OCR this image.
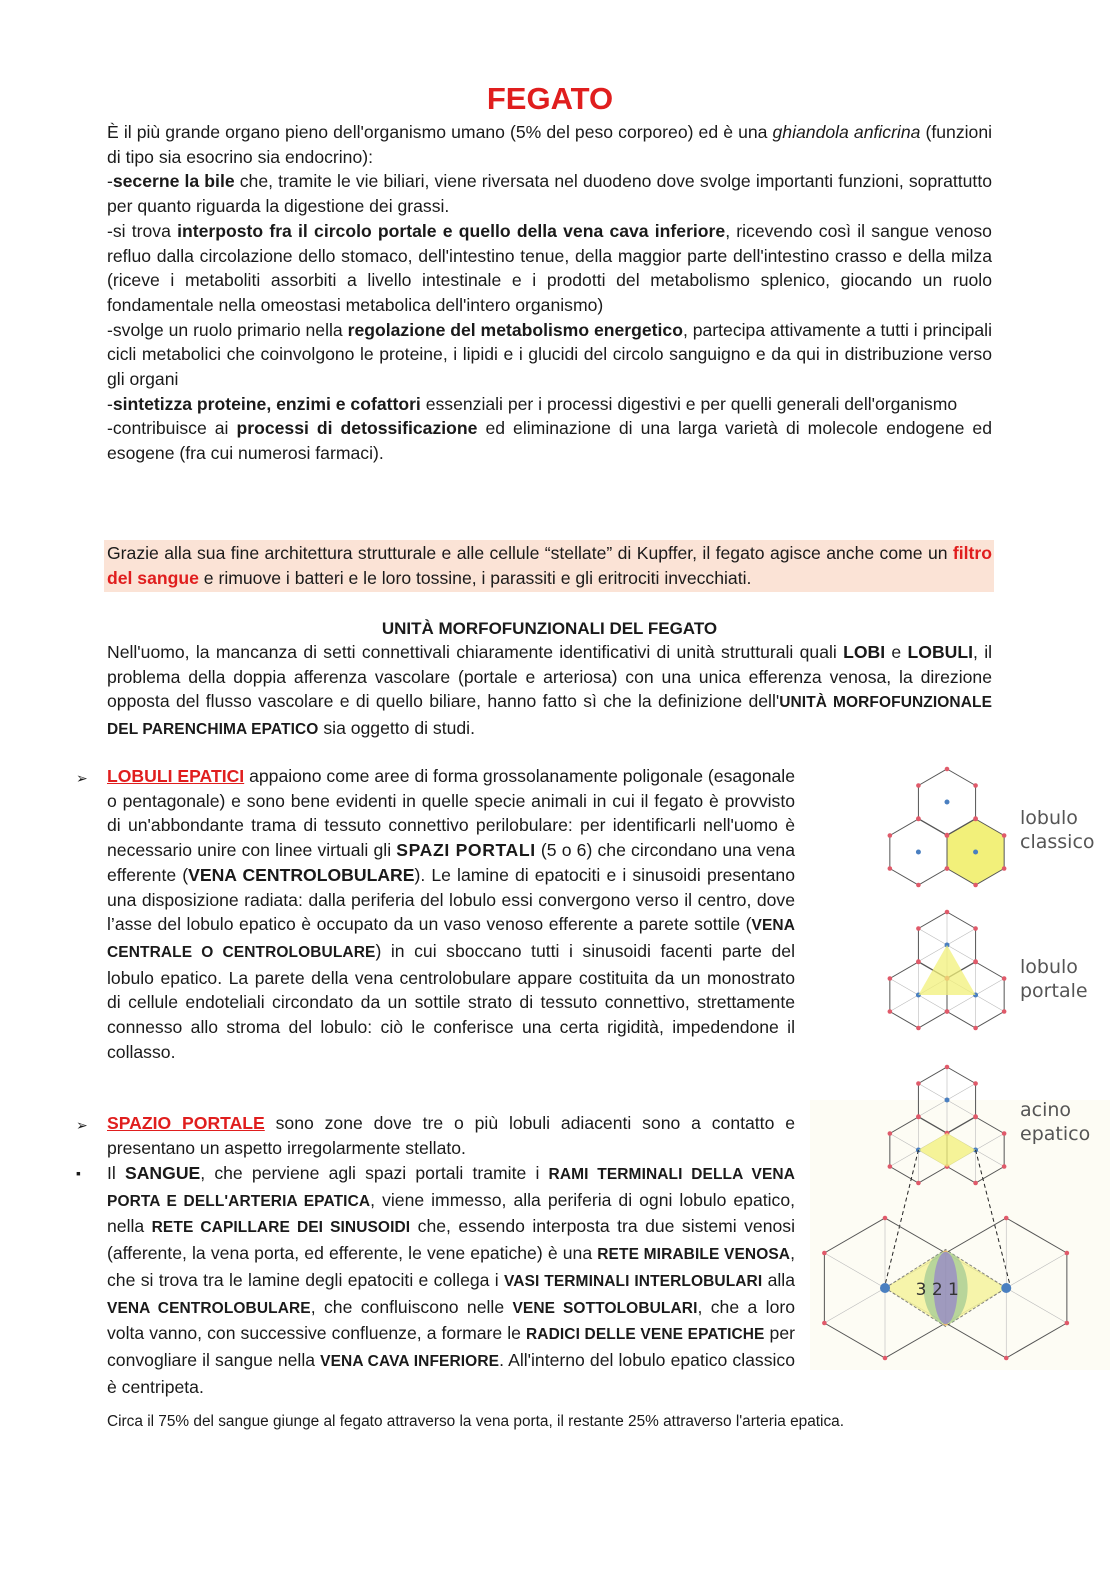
FEGATO

È il più grande organo pieno dell'organismo umano (5% del peso corporeo) ed è una ghiandola anficrina (funzioni di tipo sia esocrino sia endocrino):

-secerne la bile che, tramite le vie biliari, viene riversata nel duodeno dove svolge importanti funzioni, soprattutto per quanto riguarda la digestione dei grassi.

-si trova interposto fra il circolo portale e quello della vena cava inferiore, ricevendo così il sangue venoso refluo dalla circolazione dello stomaco, dell'intestino tenue, della maggior parte dell'intestino crasso e della milza (riceve i metaboliti assorbiti a livello intestinale e i prodotti del metabolismo splenico, giocando un ruolo fondamentale nella omeostasi metabolica dell'intero organismo)

-svolge un ruolo primario nella regolazione del metabolismo energetico, partecipa attivamente a tutti i principali cicli metabolici che coinvolgono le proteine, i lipidi e i glucidi del circolo sanguigno e da qui in distribuzione verso gli organi

-sintetizza proteine, enzimi e cofattori essenziali per i processi digestivi e per quelli generali dell'organismo

-contribuisce ai processi di detossificazione ed eliminazione di una larga varietà di molecole endogene ed esogene (fra cui numerosi farmaci).

Grazie alla sua fine architettura strutturale e alle cellule “stellate” di Kupffer, il fegato agisce anche come un filtro del sangue e rimuove i batteri e le loro tossine, i parassiti e gli eritrociti invecchiati.

UNITÀ MORFOFUNZIONALI DEL FEGATO

Nell'uomo, la mancanza di setti connettivali chiaramente identificativi di unità strutturali quali LOBI e LOBULI, il problema della doppia afferenza vascolare (portale e arteriosa) con una unica efferenza venosa, la direzione opposta del flusso vascolare e di quello biliare, hanno fatto sì che la definizione dell'UNITÀ MORFOFUNZIONALE DEL PARENCHIMA EPATICO sia oggetto di studi.

➢ LOBULI EPATICI appaiono come aree di forma grossolanamente poligonale (esagonale o pentagonale) e sono bene evidenti in quelle specie animali in cui il fegato è provvisto di un'abbondante trama di tessuto connettivo perilobulare: per identificarli nell'uomo è necessario unire con linee virtuali gli SPAZI PORTALI (5 o 6) che circondano una vena efferente (VENA CENTROLOBULARE). Le lamine di epatociti e i sinusoidi presentano una disposizione radiata: dalla periferia del lobulo essi convergono verso il centro, dove l’asse del lobulo epatico è occupato da un vaso venoso efferente a parete sottile (VENA CENTRALE O CENTROLOBULARE) in cui sboccano tutti i sinusoidi facenti parte del lobulo epatico. La parete della vena centrolobulare appare costituita da un monostrato di cellule endoteliali circondato da un sottile strato di tessuto connettivo, strettamente connesso allo stroma del lobulo: ciò le conferisce una certa rigidità, impedendone il collasso.

➢ SPAZIO PORTALE sono zone dove tre o più lobuli adiacenti sono a contatto e presentano un aspetto irregolarmente stellato.

▪ Il SANGUE, che perviene agli spazi portali tramite i RAMI TERMINALI DELLA VENA PORTA E DELL'ARTERIA EPATICA, viene immesso, alla periferia di ogni lobulo epatico, nella RETE CAPILLARE DEI SINUSOIDI che, essendo interposta tra due sistemi venosi (afferente, la vena porta, ed efferente, le vene epatiche) è una RETE MIRABILE VENOSA, che si trova tra le lamine degli epatociti e collega i VASI TERMINALI INTERLOBULARI alla VENA CENTROLOBULARE, che confluiscono nelle VENE SOTTOLOBULARI, che a loro volta vanno, con successive confluenze, a formare le RADICI DELLE VENE EPATICHE per convogliare il sangue nella VENA CAVA INFERIORE. All'interno del lobulo epatico classico è centripeta.

Circa il 75% del sangue giunge al fegato attraverso la vena porta, il restante 25% attraverso l'arteria epatica.
lobulo classico
lobulo portale
3 2 1
acino epatico
